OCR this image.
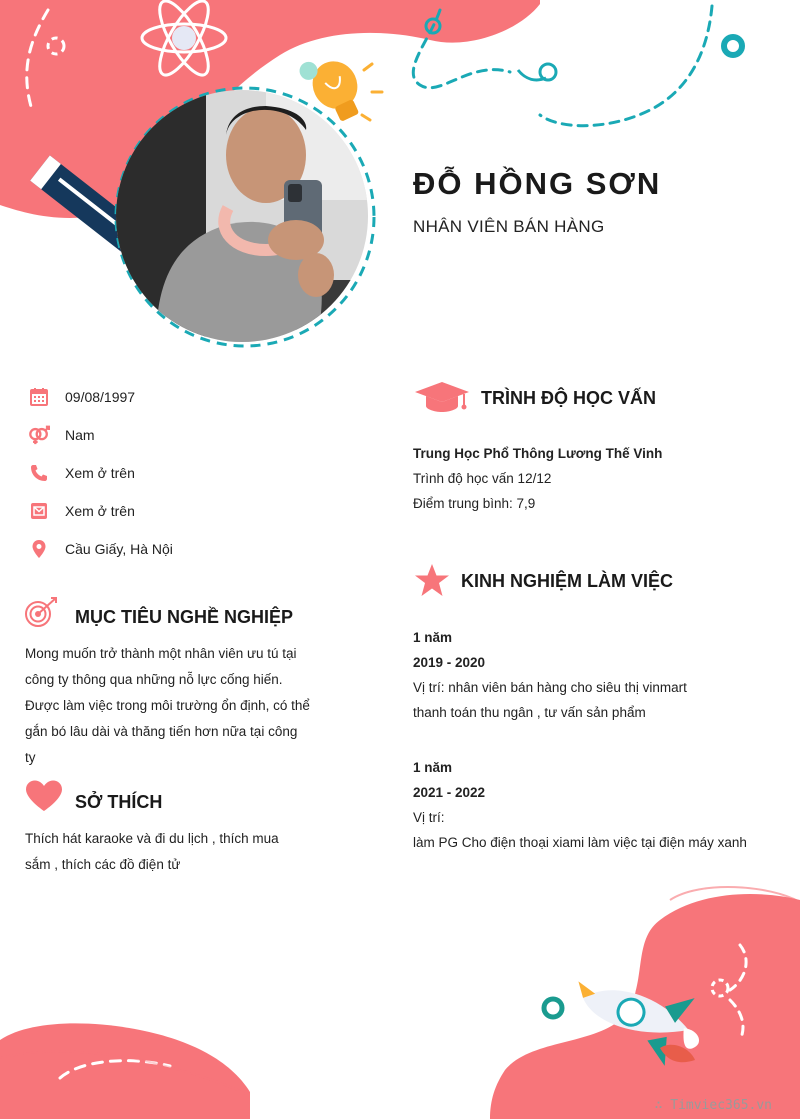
ĐỖ HỒNG SƠN
NHÂN VIÊN BÁN HÀNG
09/08/1997
Nam
Xem ở trên
Xem ở trên
Cầu Giấy, Hà Nội
MỤC TIÊU NGHỀ NGHIỆP
Mong muốn trở thành một nhân viên ưu tú tại
công ty thông qua những nỗ lực cống hiến.
Được làm việc trong môi trường ổn định, có thể
gắn bó lâu dài và thăng tiến hơn nữa tại công
ty
SỞ THÍCH
Thích hát karaoke và đi du lịch , thích mua
sắm , thích các đồ điện tử
TRÌNH ĐỘ HỌC VẤN
Trung Học Phổ Thông Lương Thế Vinh
Trình độ học vấn 12/12
Điểm trung bình: 7,9
KINH NGHIỆM LÀM VIỆC
1 năm
2019 - 2020
Vị trí: nhân viên bán hàng cho siêu thị vinmart
thanh toán thu ngân , tư vấn sản phẩm
1 năm
2021 - 2022
Vị trí:
làm PG Cho điện thoại xiami làm việc tại điện máy xanh
∴ Timviec365.vn
